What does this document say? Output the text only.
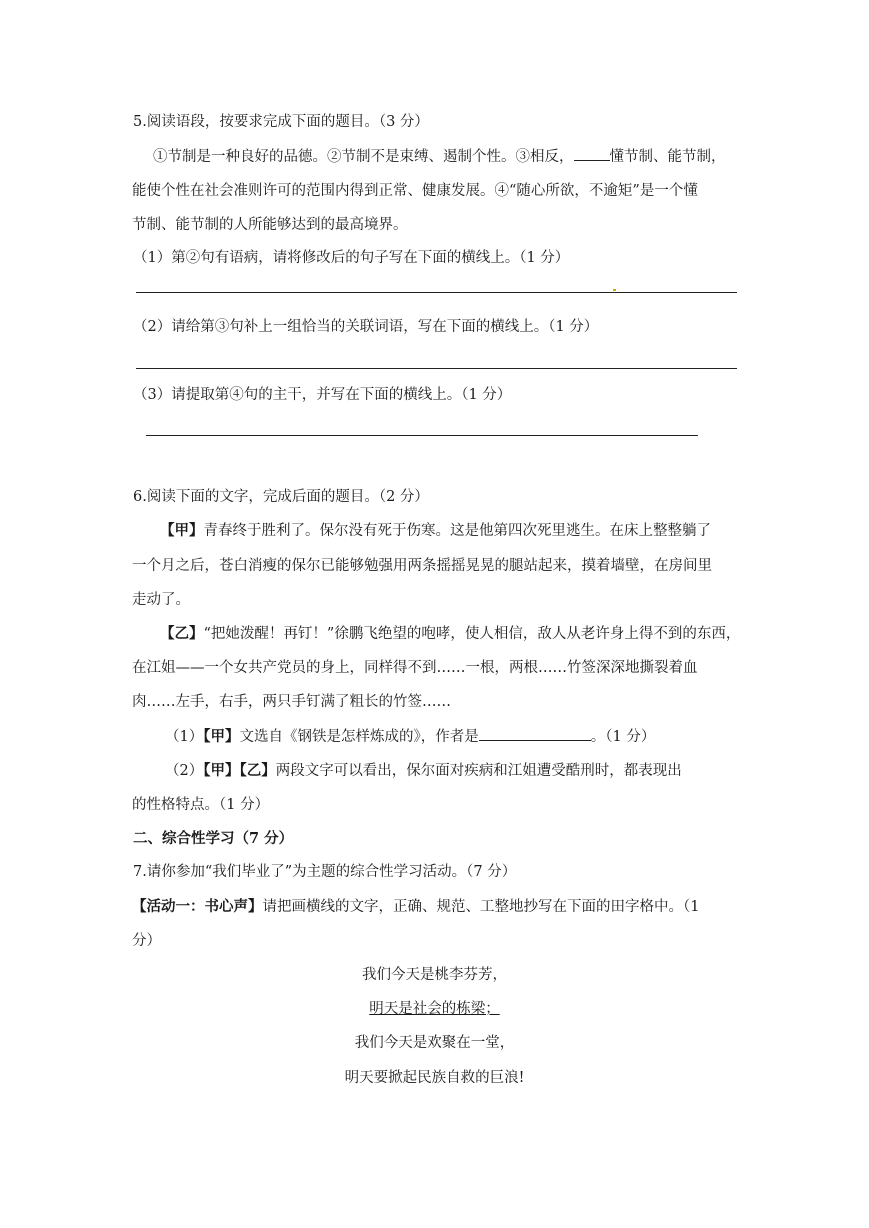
5.阅读语段，按要求完成下面的题目。（3 分）
①节制是一种良好的品德。②节制不是束缚、遏制个性。③相反， 懂节制、能节制，
能使个性在社会准则许可的范围内得到正常、健康发展。④“随心所欲，不逾矩”是一个懂
节制、能节制的人所能够达到的最高境界。
（1）第②句有语病，请将修改后的句子写在下面的横线上。（1 分）
（2）请给第③句补上一组恰当的关联词语，写在下面的横线上。（1 分）
（3）请提取第④句的主干，并写在下面的横线上。（1 分）
6.阅读下面的文字，完成后面的题目。（2 分）
【甲】青春终于胜利了。保尔没有死于伤寒。这是他第四次死里逃生。在床上整整躺了
一个月之后，苍白消瘦的保尔已能够勉强用两条摇摇晃晃的腿站起来，摸着墙壁，在房间里
走动了。
【乙】“把她泼醒！再钉！”徐鹏飞绝望的咆哮，使人相信，敌人从老许身上得不到的东西，
在江姐——一个女共产党员的身上，同样得不到……一根，两根……竹签深深地撕裂着血
肉……左手，右手，两只手钉满了粗长的竹签……
（1）【甲】文选自《钢铁是怎样炼成的》，作者是	。（1 分）
（2）【甲】【乙】两段文字可以看出，保尔面对疾病和江姐遭受酷刑时，都表现出
的性格特点。（1 分）
二、综合性学习（7 分）
7.请你参加“我们毕业了”为主题的综合性学习活动。（7 分）
【活动一：书心声】请把画横线的文字，正确、规范、工整地抄写在下面的田字格中。（1
分）
我们今天是桃李芬芳，
明天是社会的栋梁；
我们今天是欢聚在一堂，
明天要掀起民族自救的巨浪!
